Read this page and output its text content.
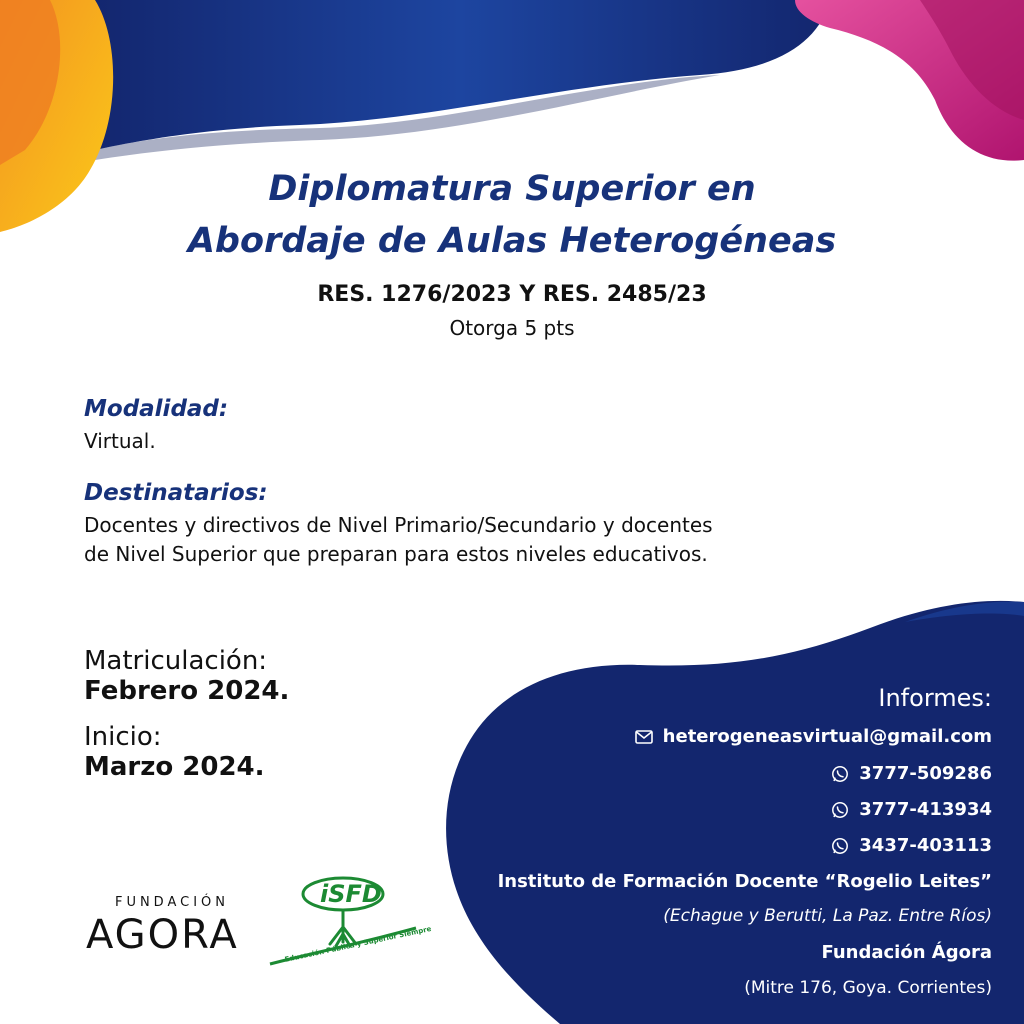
Diplomatura Superior en
Abordaje de Aulas Heterogéneas
RES. 1276/2023 Y RES. 2485/23
Otorga 5 pts
Modalidad:
Virtual.
Destinatarios:
Docentes y directivos de Nivel Primario/Secundario y docentes
de Nivel Superior que preparan para estos niveles educativos.
Matriculación:
Febrero 2024.
Inicio:
Marzo 2024.
Informes:
heterogeneasvirtual@gmail.com
3777-509286
3777-413934
3437-403113
Instituto de Formación Docente “Rogelio Leites”
(Echague y Berutti, La Paz. Entre Ríos)
Fundación Ágora
(Mitre 176, Goya. Corrientes)
FUNDACIÓN
AGORA
iSFD
Educación Pública y Superior Siempre
